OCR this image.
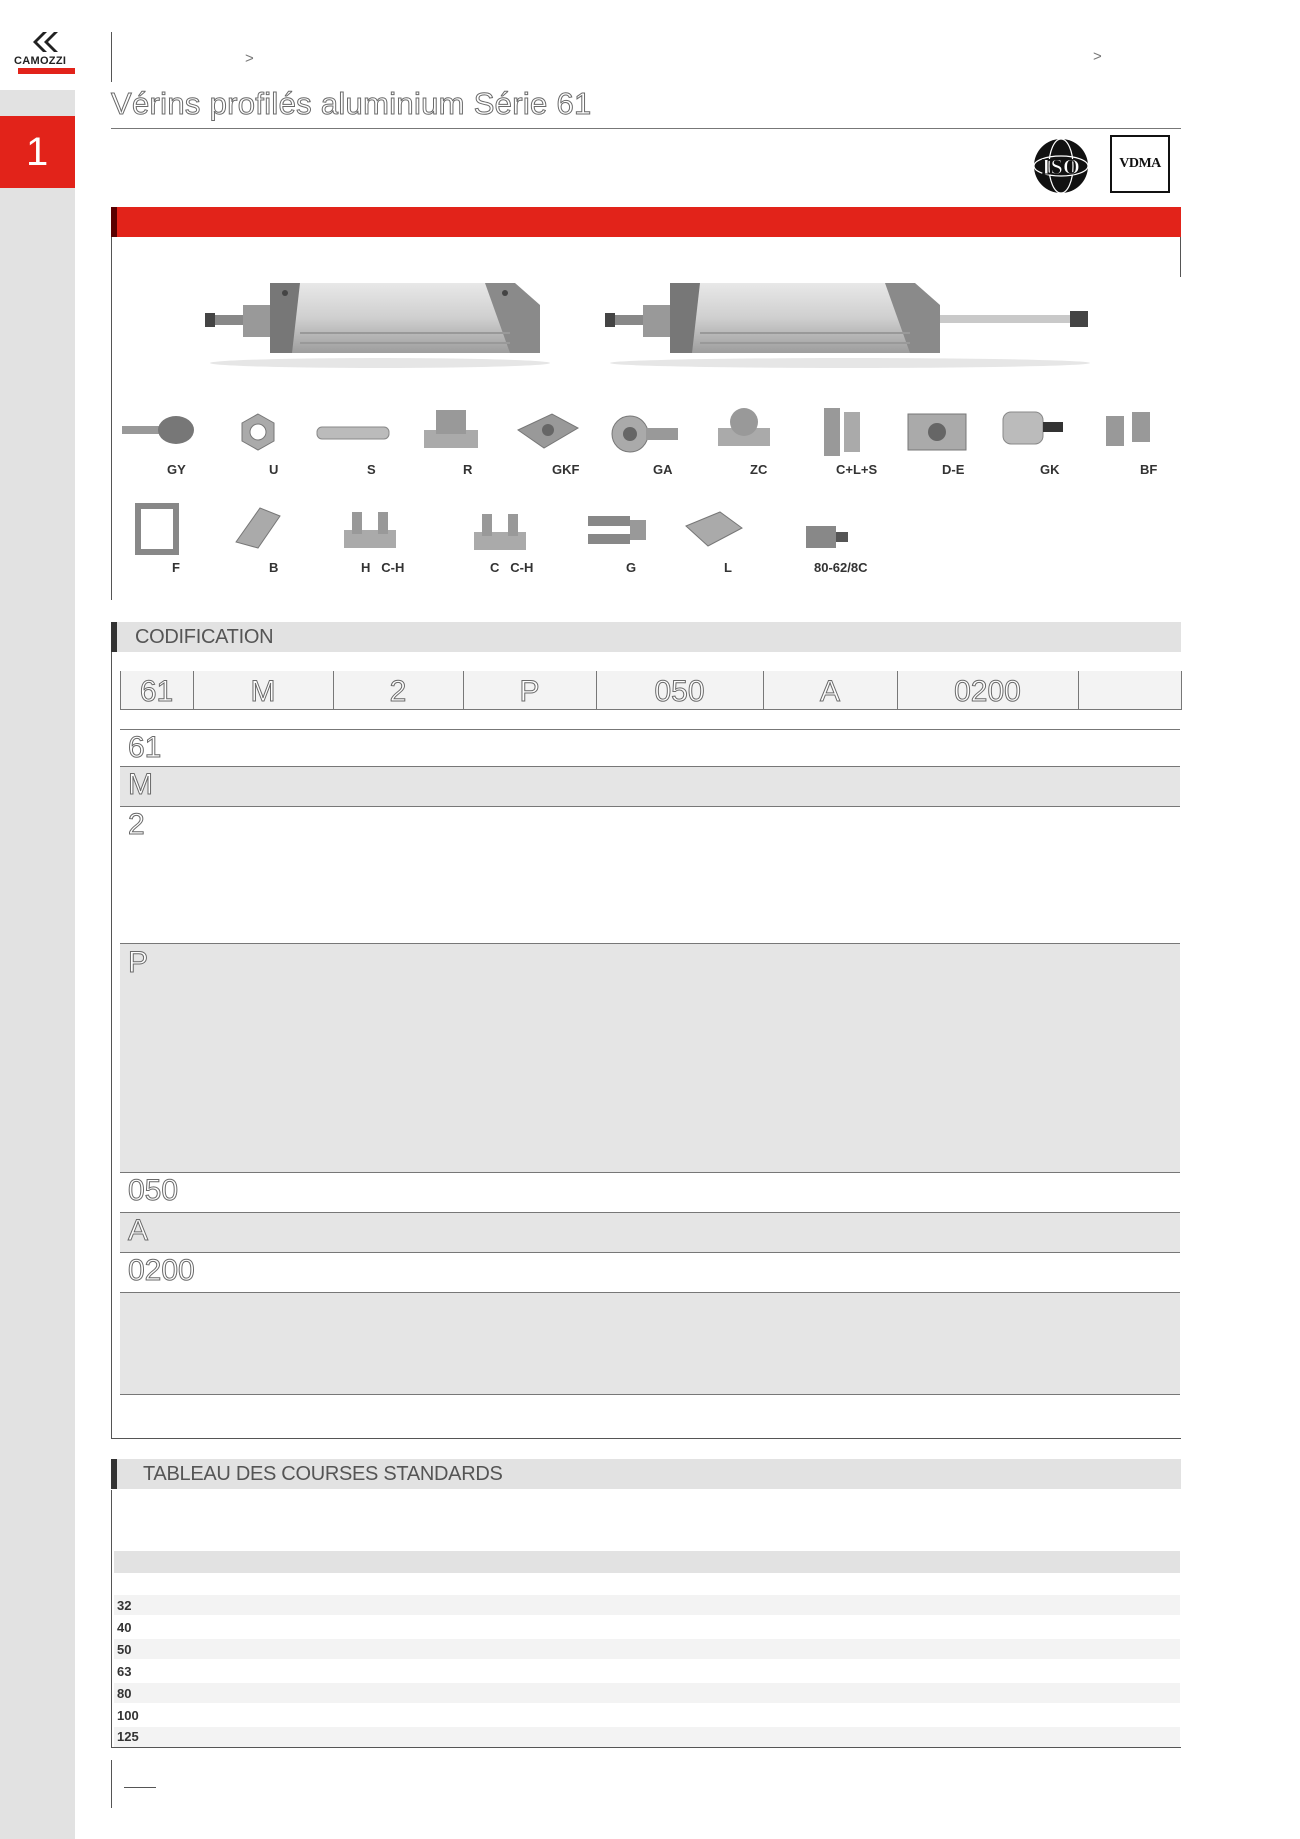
CAMOZZI
1
>	>
Vérins profilés aluminium Série 61
ISO	VDMA
GY	U	S	R	GKF	GA	ZC	C+L+S	D-E	GK	BF
F	B	H   C-H	C   C-H	G	L	80-62/8C
CODIFICATION
61	M	2	P	050	A	0200
61
M
2
P
050
A
0200
TABLEAU DES COURSES STANDARDS
32
40
50
63
80
100
125
